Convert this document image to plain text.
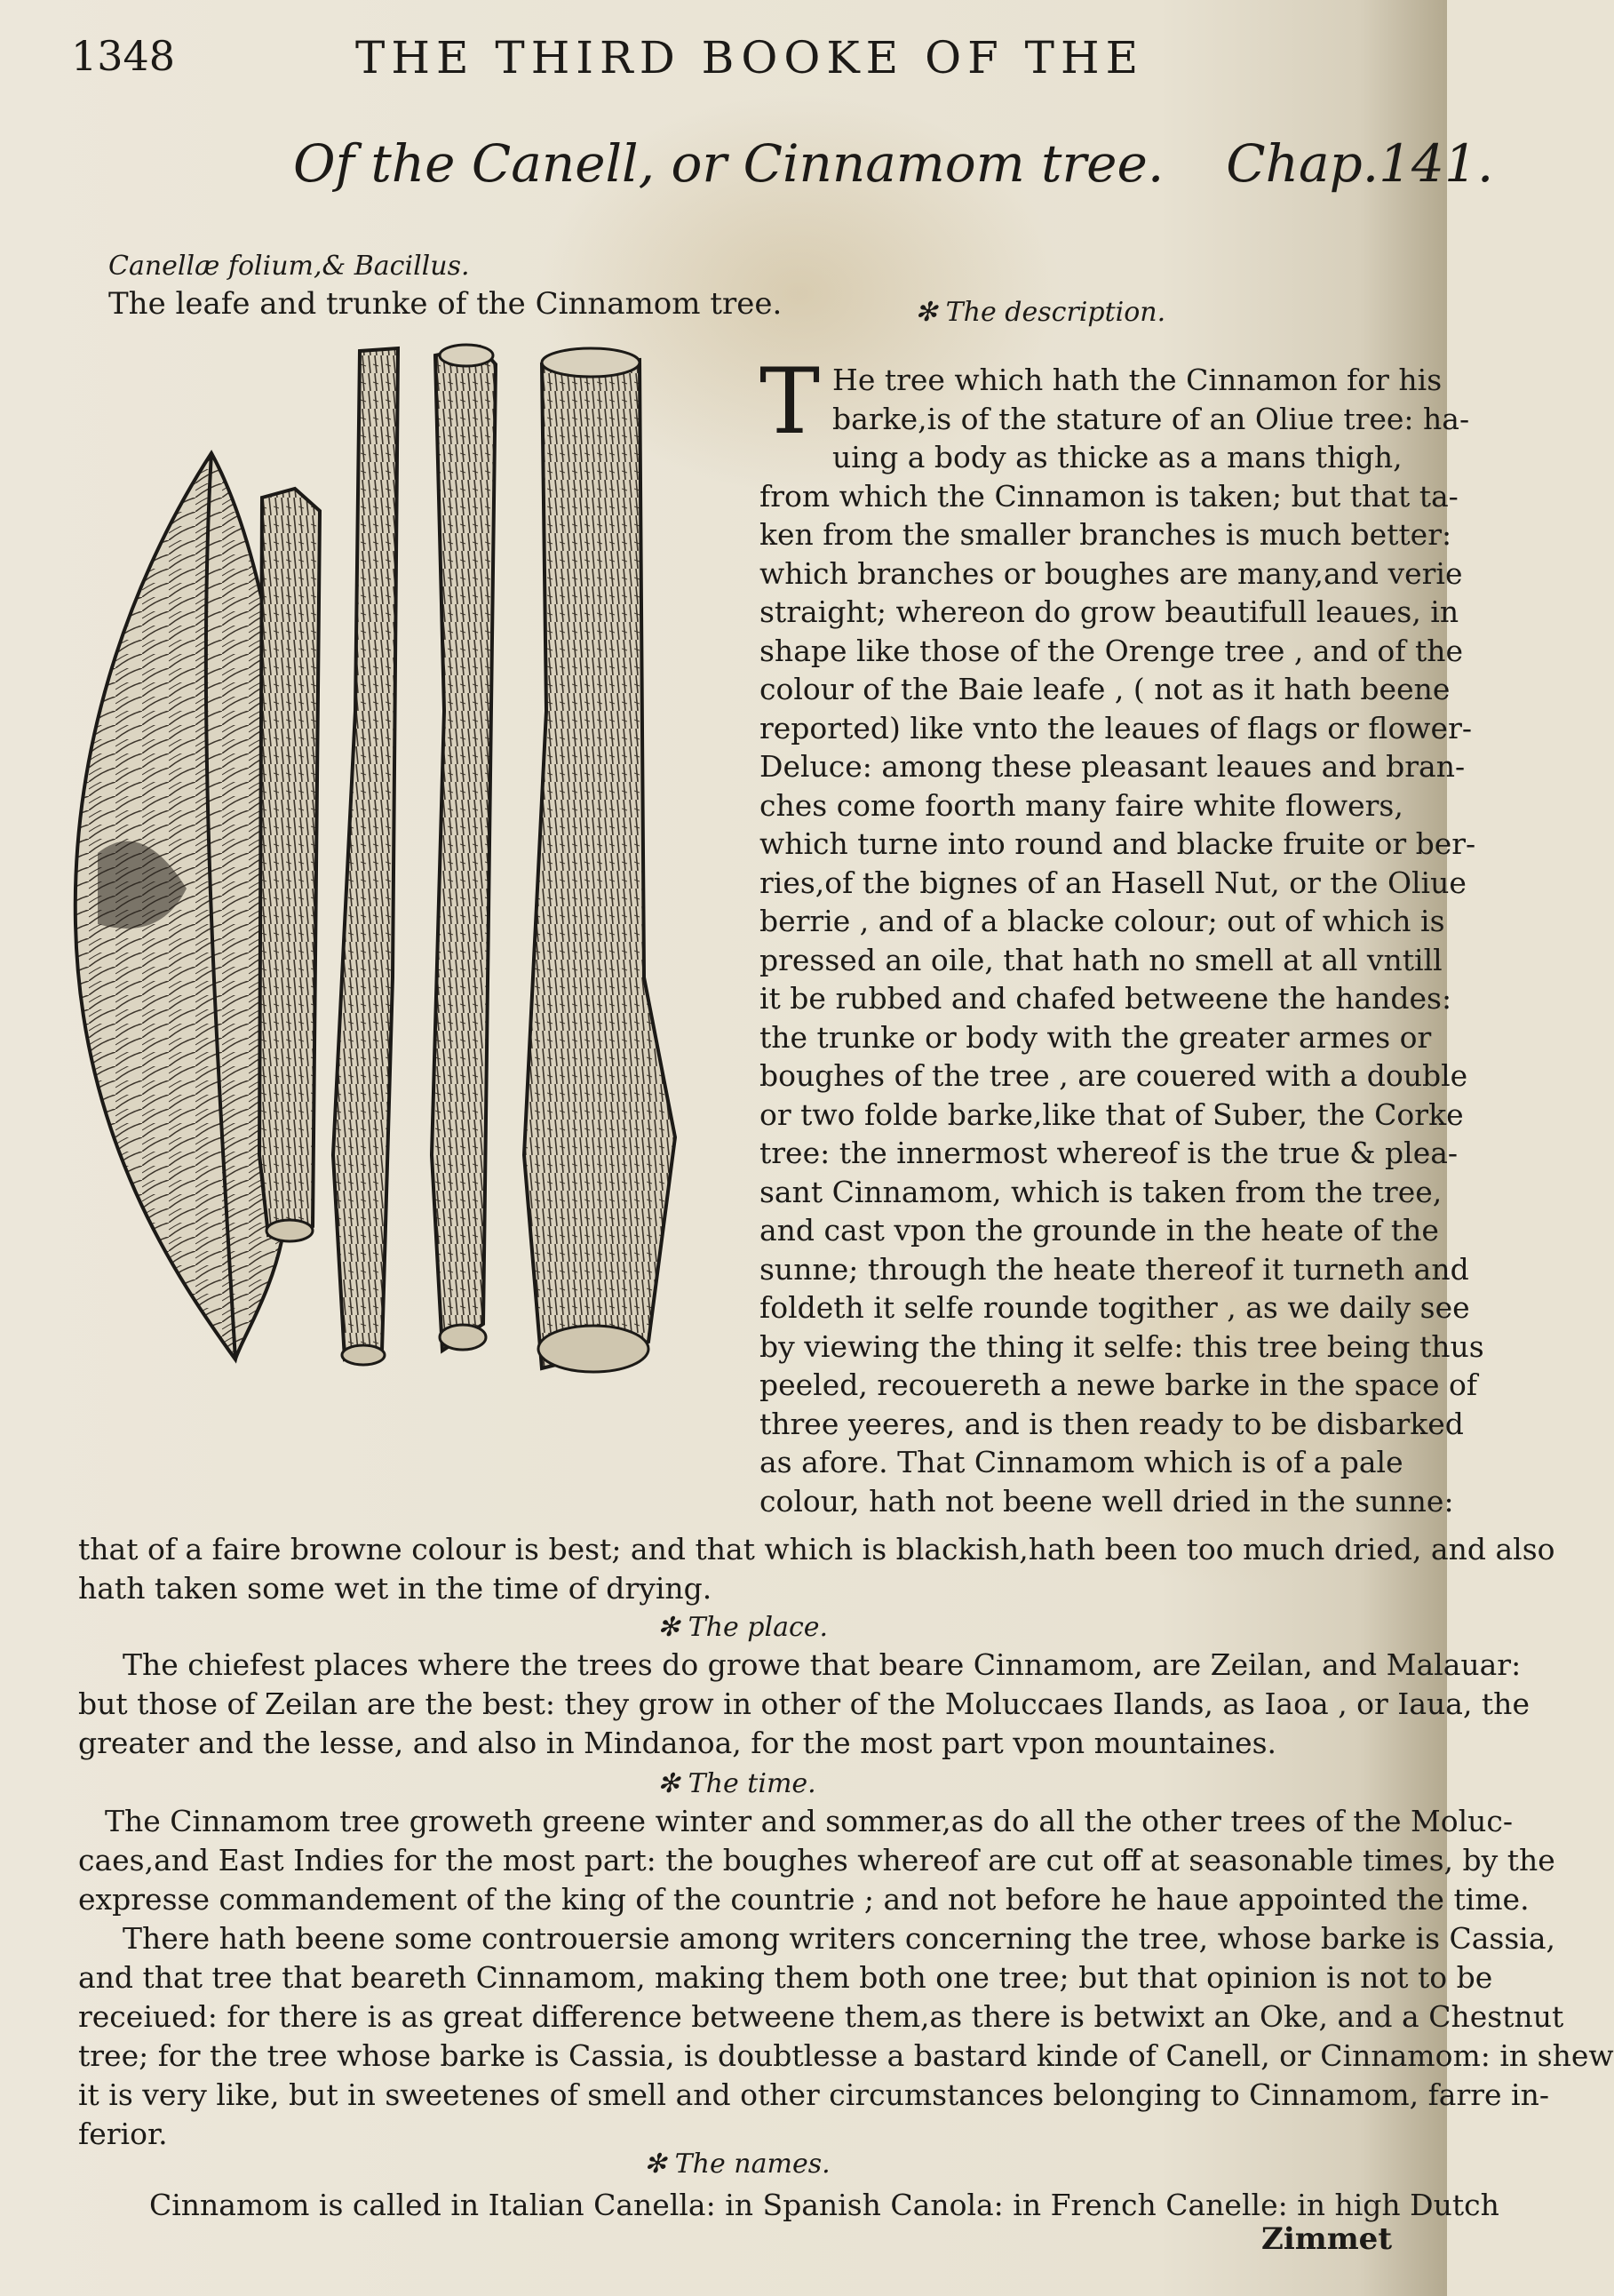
1348	THE THIRD BOOKE OF THE
Of the Canell, or Cinnamom tree. Chap.141.
Canellæ folium,& Bacillus.
The leafe and trunke of the Cinnamom tree.	✻ The description.
T He tree which hath the Cinnamon for his
barke,is of the stature of an Oliue tree: ha-
uing a body as thicke as a mans thigh,
from which the Cinnamon is taken; but that ta-
ken from the smaller branches is much better:
which branches or boughes are many,and verie
straight; whereon do grow beautifull leaues, in
shape like those of the Orenge tree , and of the
colour of the Baie leafe , ( not as it hath beene
reported) like vnto the leaues of flags or flower-
Deluce: among these pleasant leaues and bran-
ches come foorth many faire white flowers,
which turne into round and blacke fruite or ber-
ries,of the bignes of an Hasell Nut, or the Oliue
berrie , and of a blacke colour; out of which is
pressed an oile, that hath no smell at all vntill
it be rubbed and chafed betweene the handes:
the trunke or body with the greater armes or
boughes of the tree , are couered with a double
or two folde barke,like that of Suber, the Corke
tree: the innermost whereof is the true & plea-
sant Cinnamom, which is taken from the tree,
and cast vpon the grounde in the heate of the
sunne; through the heate thereof it turneth and
foldeth it selfe rounde togither , as we daily see
by viewing the thing it selfe: this tree being thus
peeled, recouereth a newe barke in the space of
three yeeres, and is then ready to be disbarked
as afore. That Cinnamom which is of a pale
colour, hath not beene well dried in the sunne:
that of a faire browne colour is best; and that which is blackish,hath been too much dried, and also
hath taken some wet in the time of drying.
✻ The place.
The chiefest places where the trees do growe that beare Cinnamom, are Zeilan, and Malauar:
but those of Zeilan are the best: they grow in other of the Moluccaes Ilands, as Iaoa , or Iaua, the
greater and the lesse, and also in Mindanoa, for the most part vpon mountaines.
✻ The time.
The Cinnamom tree groweth greene winter and sommer,as do all the other trees of the Moluc-
caes,and East Indies for the most part: the boughes whereof are cut off at seasonable times, by the
expresse commandement of the king of the countrie ; and not before he haue appointed the time.
There hath beene some controuersie among writers concerning the tree, whose barke is Cassia,
and that tree that beareth Cinnamom, making them both one tree; but that opinion is not to be
receiued: for there is as great difference betweene them,as there is betwixt an Oke, and a Chestnut
tree; for the tree whose barke is Cassia, is doubtlesse a bastard kinde of Canell, or Cinnamom: in shew
it is very like, but in sweetenes of smell and other circumstances belonging to Cinnamom, farre in-
ferior.
✻ The names.
Cinnamom is called in Italian Canella: in Spanish Canola: in French Canelle: in high Dutch
Zimmet
